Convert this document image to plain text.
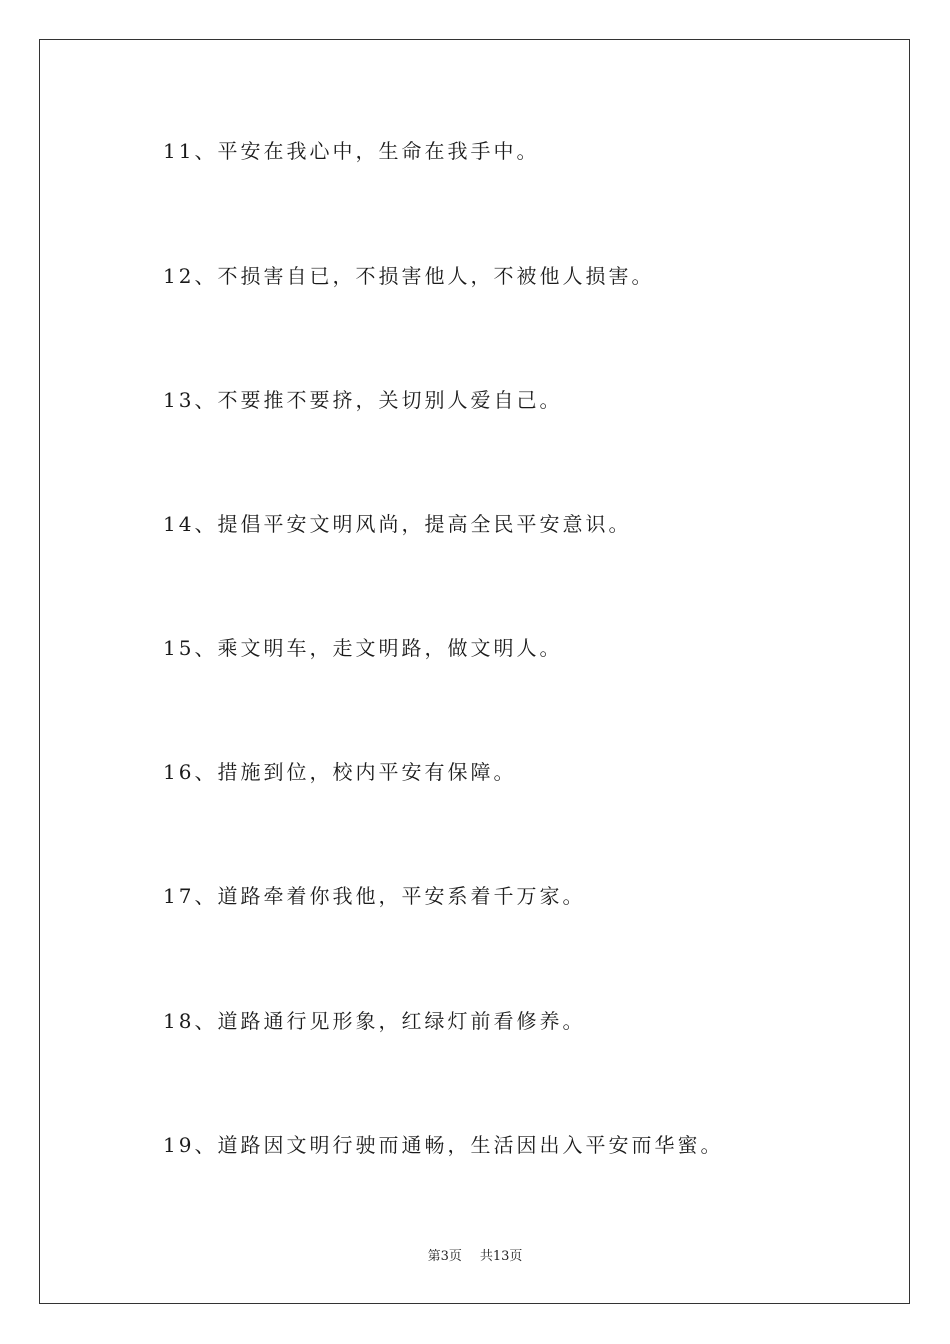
11、平安在我心中，生命在我手中。
12、不损害自已，不损害他人，不被他人损害。
13、不要推不要挤，关切别人爱自己。
14、提倡平安文明风尚，提高全民平安意识。
15、乘文明车，走文明路，做文明人。
16、措施到位，校内平安有保障。
17、道路牵着你我他，平安系着千万家。
18、道路通行见形象，红绿灯前看修养。
19、道路因文明行驶而通畅，生活因出入平安而华蜜。
第3页 共13页
